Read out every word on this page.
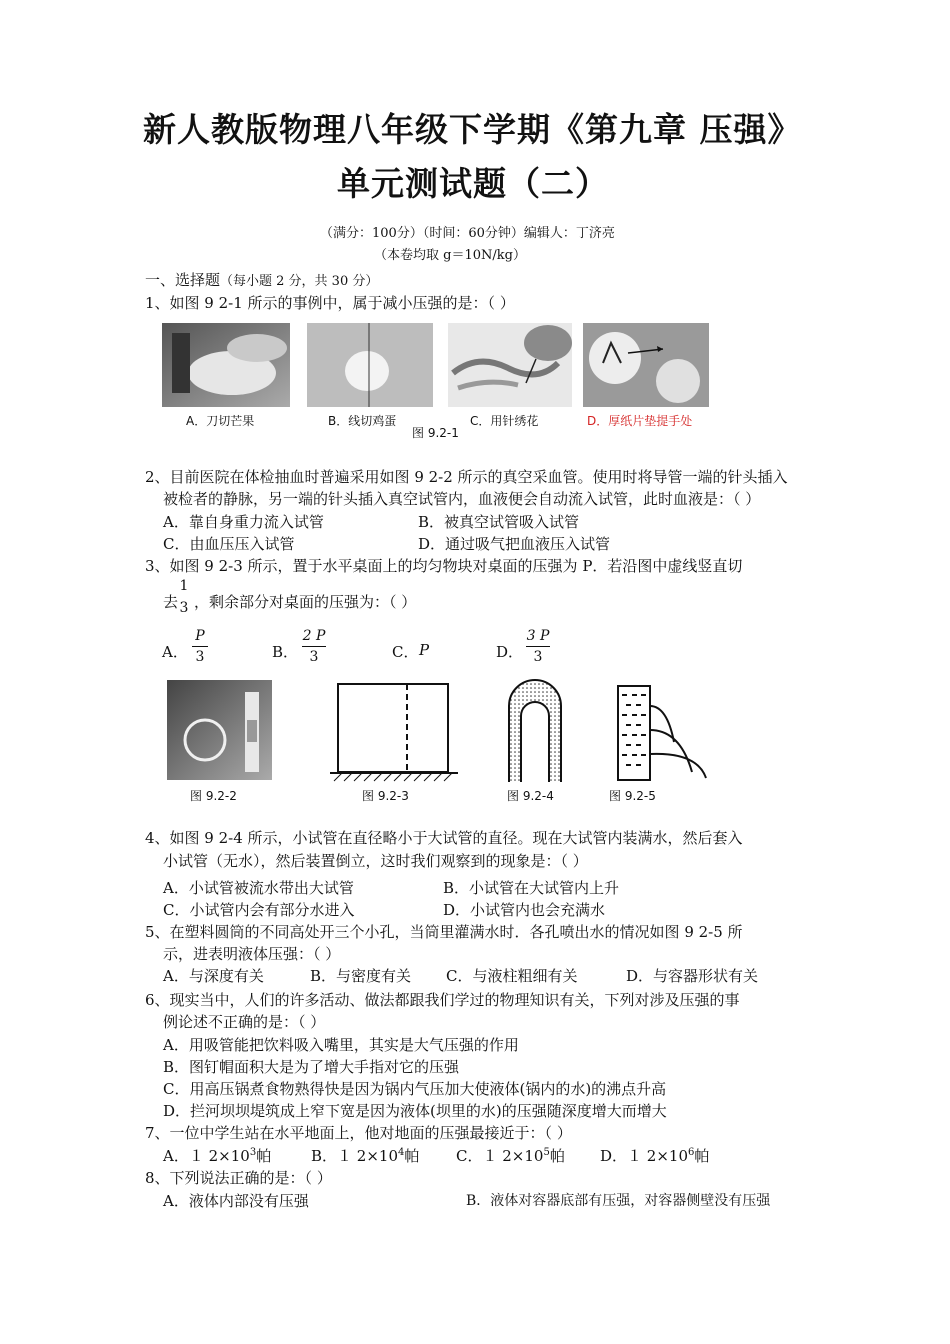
新人教版物理八年级下学期《第九章 压强》
单元测试题（二）
（满分：100分）（时间：60分钟）编辑人：丁济亮
（本卷均取 g＝10N/kg）
一、选择题（每小题 2 分，共 30 分）
1、如图 9 2-1 所示的事例中，属于减小压强的是：（ ）
A．刀切芒果	B．线切鸡蛋	C．用针绣花	D．厚纸片垫提手处
图 9.2-1
2、目前医院在体检抽血时普遍采用如图 9 2-2 所示的真空采血管。使用时将导管一端的针头插入
被检者的静脉，另一端的针头插入真空试管内，血液便会自动流入试管，此时血液是：（ ）
A．靠自身重力流入试管	B．被真空试管吸入试管
C．由血压压入试管	D．通过吸气把血液压入试管
3、如图 9 2-3 所示，置于水平桌面上的均匀物块对桌面的压强为 P．若沿图中虚线竖直切
去
1
3 ，剩余部分对桌面的压强为：（ ）
A．
P
3	B．
2 P
3	C． P	D．
3 P
3
图 9.2-2	图 9.2-3	图 9.2-4	图 9.2-5
4、如图 9 2-4 所示，小试管在直径略小于大试管的直径。现在大试管内装满水，然后套入
小试管（无水），然后装置倒立，这时我们观察到的现象是：（ ）
A．小试管被流水带出大试管	B．小试管在大试管内上升
C．小试管内会有部分水进入	D．小试管内也会充满水
5、在塑料圆筒的不同高处开三个小孔，当筒里灌满水时．各孔喷出水的情况如图 9 2-5 所
示，进表明液体压强：（ ）
A．与深度有关	B．与密度有关 C．与液柱粗细有关	D．与容器形状有关
6、现实当中，人们的许多活动、做法都跟我们学过的物理知识有关，下列对涉及压强的事
例论述不正确的是：（ ）
A．用吸管能把饮料吸入嘴里，其实是大气压强的作用
B．图钉帽面积大是为了增大手指对它的压强
C．用高压锅煮食物熟得快是因为锅内气压加大使液体(锅内的水)的沸点升高
D．拦河坝坝堤筑成上窄下宽是因为液体(坝里的水)的压强随深度增大而增大
7、一位中学生站在水平地面上，他对地面的压强最接近于：（ ）
A．１ $2\times 10^3$帕	B．１ $2\times 10^4$帕 C．１ $2\times 10^5$帕 D．１ $2\times 10^6$帕
8、下列说法正确的是：（ ）
A．液体内部没有压强	B．液体对容器底部有压强，对容器侧壁没有压强
